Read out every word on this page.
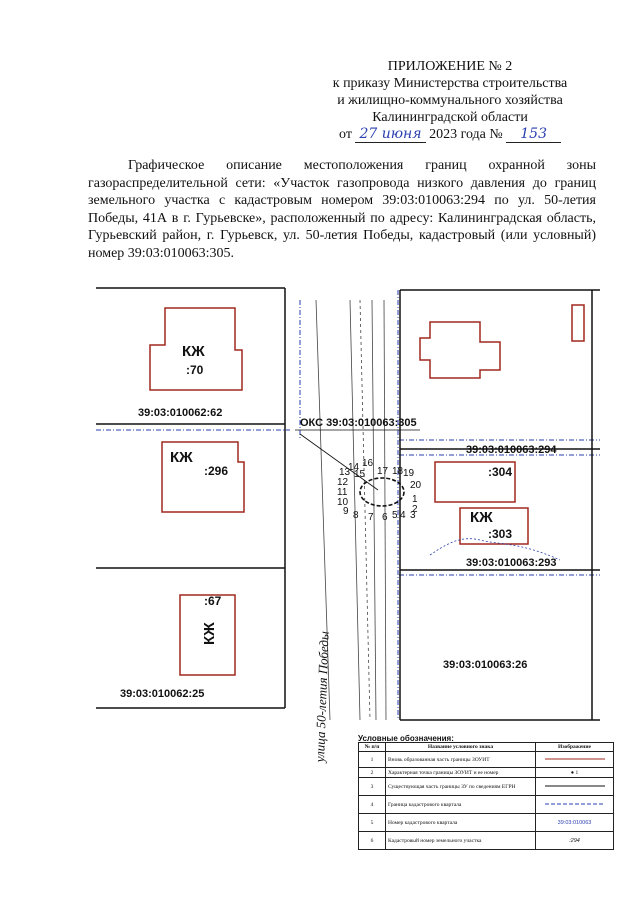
ПРИЛОЖЕНИЕ № 2
к приказу Министерства строительства
и жилищно-коммунального хозяйства
Калининградской области
от 27 июня 2023 года № 153
Графическое описание местоположения границ охранной зоны газораспределительной сети: «Участок газопровода низкого давления до границ земельного участка с кадастровым номером 39:03:010063:294 по ул. 50-летия Победы, 41А в г. Гурьевске», расположенный по адресу: Калининградская область, Гурьевский район, г. Гурьевск, ул. 50-летия Победы, кадастровый (или условный) номер 39:03:010063:305.
КЖ
:70
КЖ
:296
:67
КЖ
:304
КЖ
:303
39:03:010062:62
39:03:010063:294
39:03:010063:293
39:03:010063:26
39:03:010062:25
ОКС 39:03:010063:305
1
2
3
4
5
6
7
8
9
10
11
12
13
14
15
16
17 18 19
20
улица 50-летия Победы	Условные обозначения:
№ п/п	Название условного знака	Изображение
1	Вновь образованная часть границы ЗОУИТ	
2	Характерная точка границы ЗОУИТ и ее номер	● 1
3	Существующая часть границы ЗУ по сведениям ЕГРН	
4	Граница кадастрового квартала	
5	Номер кадастрового квартала	39:03:010063
6	Кадастровый номер земельного участка	:294
